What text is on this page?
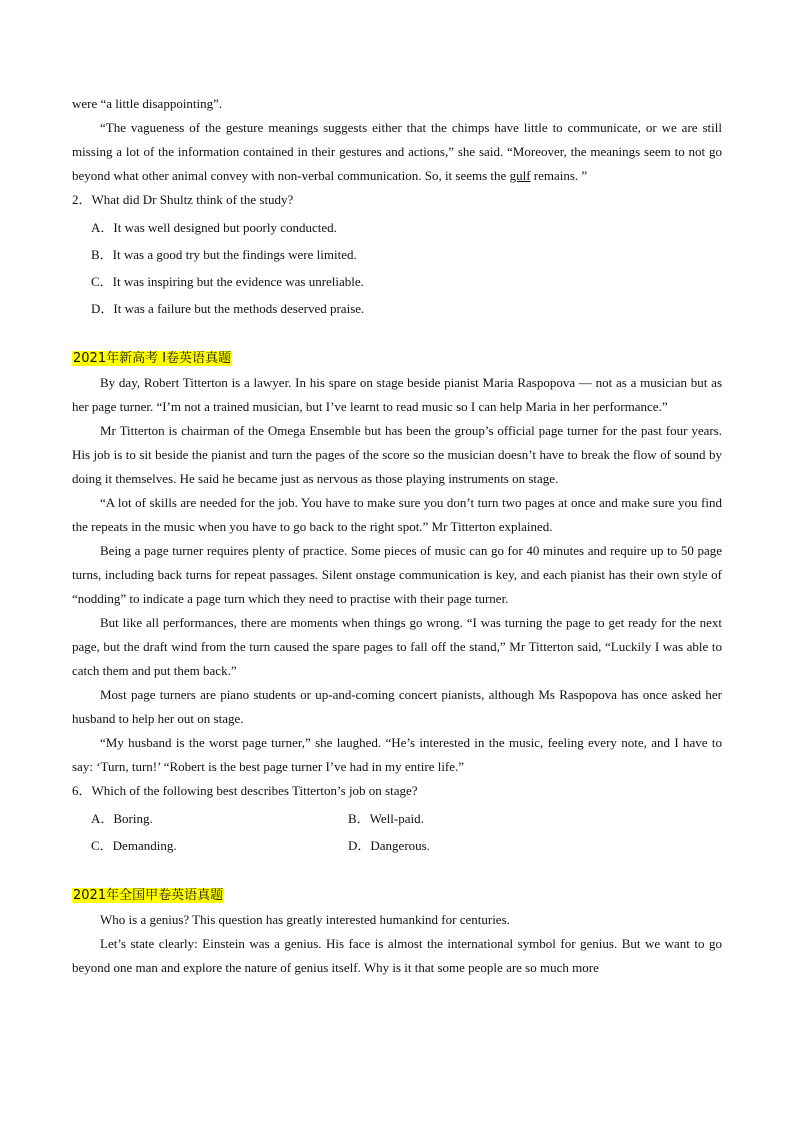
were “a little disappointing”.

“The vagueness of the gesture meanings suggests either that the chimps have little to communicate, or we are still missing a lot of the information contained in their gestures and actions,” she said. “Moreover, the meanings seem to not go beyond what other animal convey with non-verbal communication. So, it seems the gulf remains. ”

2．What did Dr Shultz think of the study?

A．It was well designed but poorly conducted.

B．It was a good try but the findings were limited.

C．It was inspiring but the evidence was unreliable.

D．It was a failure but the methods deserved praise.

2021年新高考 I卷英语真题

By day, Robert Titterton is a lawyer. In his spare on stage beside pianist Maria Raspopova — not as a musician but as her page turner. “I’m not a trained musician, but I’ve learnt to read music so I can help Maria in her performance.”

Mr Titterton is chairman of the Omega Ensemble but has been the group’s official page turner for the past four years. His job is to sit beside the pianist and turn the pages of the score so the musician doesn’t have to break the flow of sound by doing it themselves. He said he became just as nervous as those playing instruments on stage.

“A lot of skills are needed for the job. You have to make sure you don’t turn two pages at once and make sure you find the repeats in the music when you have to go back to the right spot.” Mr Titterton explained.

Being a page turner requires plenty of practice. Some pieces of music can go for 40 minutes and require up to 50 page turns, including back turns for repeat passages. Silent onstage communication is key, and each pianist has their own style of “nodding” to indicate a page turn which they need to practise with their page turner.

But like all performances, there are moments when things go wrong. “I was turning the page to get ready for the next page, but the draft wind from the turn caused the spare pages to fall off the stand,” Mr Titterton said, “Luckily I was able to catch them and put them back.”

Most page turners are piano students or up-and-coming concert pianists, although Ms Raspopova has once asked her husband to help her out on stage.

“My husband is the worst page turner,” she laughed. “He’s interested in the music, feeling every note, and I have to say: ‘Turn, turn!’ “Robert is the best page turner I’ve had in my entire life.”

6．Which of the following best describes Titterton’s job on stage?

A．Boring.	B．Well-paid.
C．Demanding.	D．Dangerous.

2021年全国甲卷英语真题

Who is a genius? This question has greatly interested humankind for centuries.

Let’s state clearly: Einstein was a genius. His face is almost the international symbol for genius. But we want to go beyond one man and explore the nature of genius itself. Why is it that some people are so much more
